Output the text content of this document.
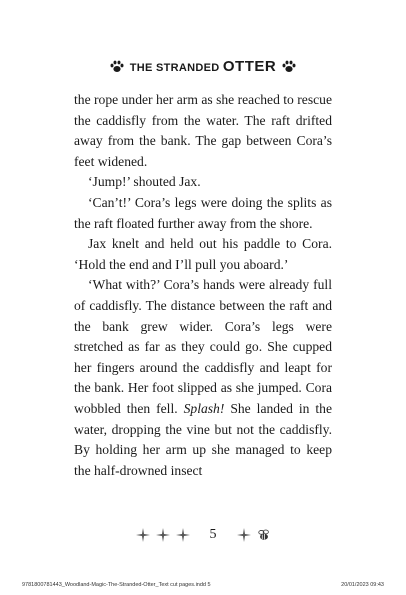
THE STRANDED OTTER

the rope under her arm as she reached to rescue the caddisfly from the water. The raft drifted away from the bank. The gap between Cora’s feet widened.

‘Jump!’ shouted Jax.

‘Can’t!’ Cora’s legs were doing the splits as the raft floated further away from the shore.

Jax knelt and held out his paddle to Cora. ‘Hold the end and I’ll pull you aboard.’

‘What with?’ Cora’s hands were already full of caddisfly. The distance between the raft and the bank grew wider. Cora’s legs were stretched as far as they could go. She cupped her fingers around the caddisfly and leapt for the bank. Her foot slipped as she jumped. Cora wobbled then fell. Splash! She landed in the water, dropping the vine but not the caddisfly. By holding her arm up she managed to keep the half-drowned insect

5
9781800781443_Woodland-Magic-The-Stranded-Otter_Text cut pages.indd 5	20/01/2023 09:43
